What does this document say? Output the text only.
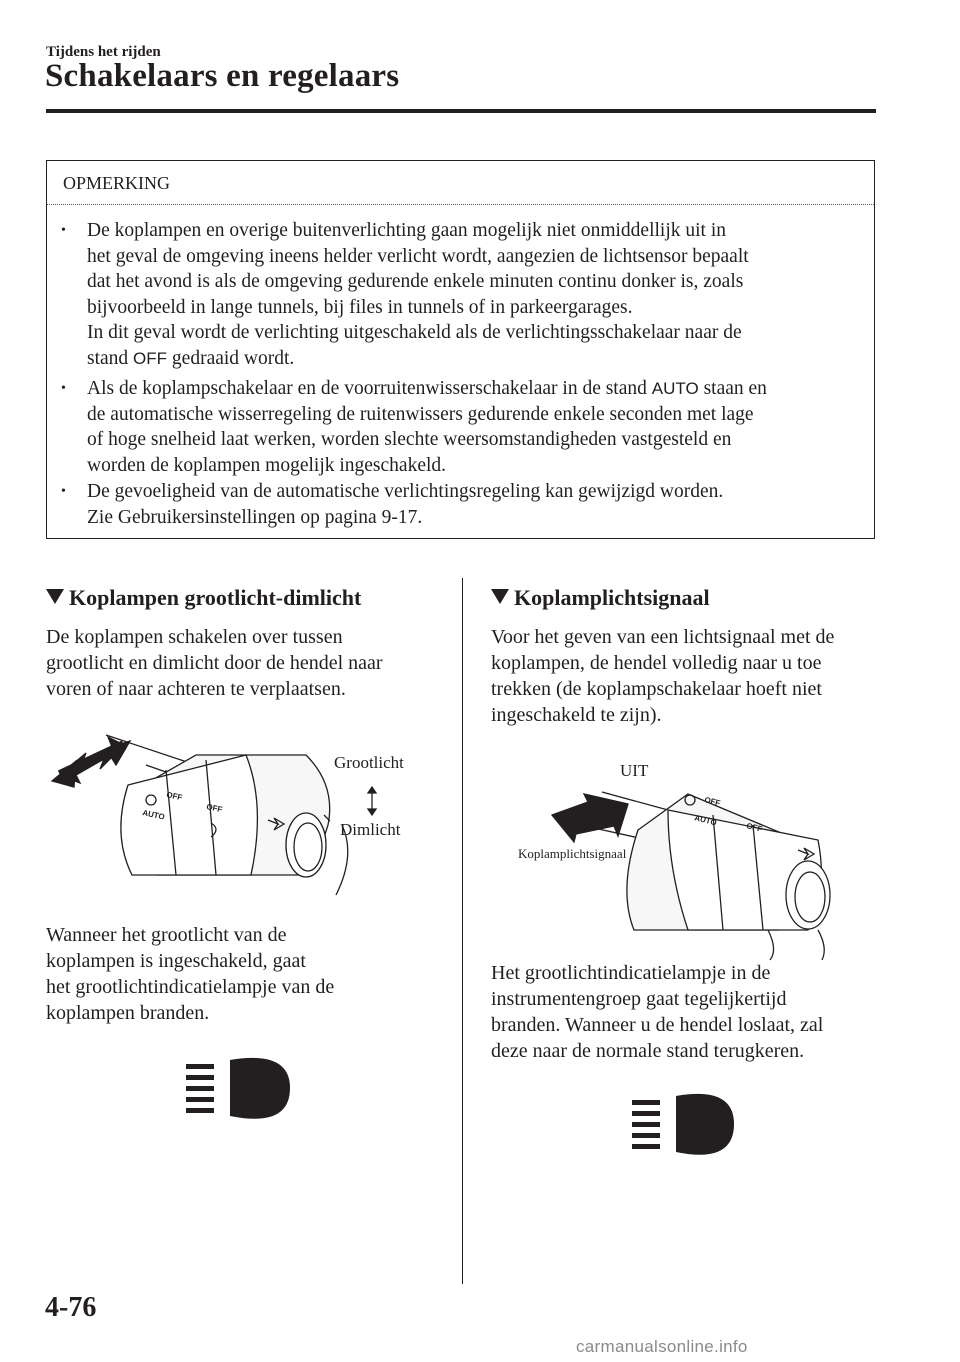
Tijdens het rijden
Schakelaars en regelaars
OPMERKING
•	De koplampen en overige buitenverlichting gaan mogelijk niet onmiddellijk uit in
het geval de omgeving ineens helder verlicht wordt, aangezien de lichtsensor bepaalt
dat het avond is als de omgeving gedurende enkele minuten continu donker is, zoals
bijvoorbeeld in lange tunnels, bij files in tunnels of in parkeergarages.
In dit geval wordt de verlichting uitgeschakeld als de verlichtingsschakelaar naar de
stand OFF gedraaid wordt.
•	Als de koplampschakelaar en de voorruitenwisserschakelaar in de stand AUTO staan en
de automatische wisserregeling de ruitenwissers gedurende enkele seconden met lage
of hoge snelheid laat werken, worden slechte weersomstandigheden vastgesteld en
worden de koplampen mogelijk ingeschakeld.
•	De gevoeligheid van de automatische verlichtingsregeling kan gewijzigd worden.
Zie Gebruikersinstellingen op pagina 9-17.
Koplampen grootlicht-dimlicht
De koplampen schakelen over tussen
grootlicht en dimlicht door de hendel naar
voren of naar achteren te verplaatsen.
OFF
OFF
AUTO
Grootlicht
Dimlicht
Wanneer het grootlicht van de
koplampen is ingeschakeld, gaat
het grootlichtindicatielampje van de
koplampen branden.
Koplamplichtsignaal
Voor het geven van een lichtsignaal met de
koplampen, de hendel volledig naar u toe
trekken (de koplampschakelaar hoeft niet
ingeschakeld te zijn).
OFF
OFF
AUTO
UIT
Koplamplichtsignaal
Het grootlichtindicatielampje in de
instrumentengroep gaat tegelijkertijd
branden. Wanneer u de hendel loslaat, zal
deze naar de normale stand terugkeren.
4-76
carmanualsonline.info
